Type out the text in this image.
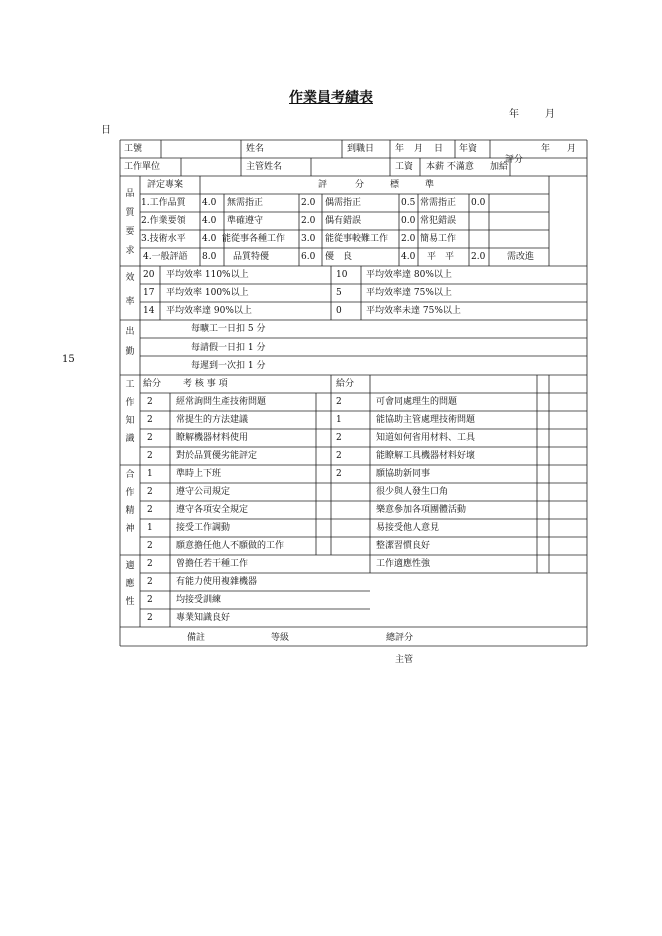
作業員考績表
年	月
日
15
工號	姓名	到職日 年 月 日 年資	年 月
工作單位	主管姓名	工資 本薪 不滿意 加給
評分
品
質
要
求
評定專案	評	分	標	準
1.工作品質 4.0 無需指正	2.0 偶需指正	0.5 常需指正 0.0
2.作業要領 4.0 準確遵守	2.0 偶有錯誤	0.0 常犯錯誤
3.技術水平 4.0 能從事各種工作 3.0 能從事較難工作 2.0 簡易工作
4.一般評語 8.0 品質特優	6.0 優　良	4.0 平　平 2.0 需改進
效
率
20 平均效率 110%以上	10 平均效率達 80%以上
17 平均效率 100%以上	5	平均效率達 75%以上
14 平均效率達 90%以上	0	平均效率未達 75%以上
出
勤
每曠工一日扣 5 分
每請假一日扣 1 分
每遲到一次扣 1 分
工
作
知
識
給分 考 核 事 項	給分
2	經常詢問生產技術問題	2	可會同處理生的問題
2	常提生的方法建議	1	能協助主管處理技術問題
2	瞭解機器材料使用	2	知道如何省用材料、工具
2	對於品質優劣能評定	2	能瞭解工具機器材料好壞
合
作
精
神
1	準時上下班	2	願協助新同事
2	遵守公司規定	很少與人發生口角
2	遵守各項安全規定	樂意參加各項團體活動
1	接受工作調動	易接受他人意見
2	願意擔任他人不願做的工作	整潔習慣良好
適
應
性
2	曾擔任若干種工作	工作適應性強
2	有能力使用複雜機器
2	均接受訓練
2	專業知識良好
備註	等級	總評分
主管
